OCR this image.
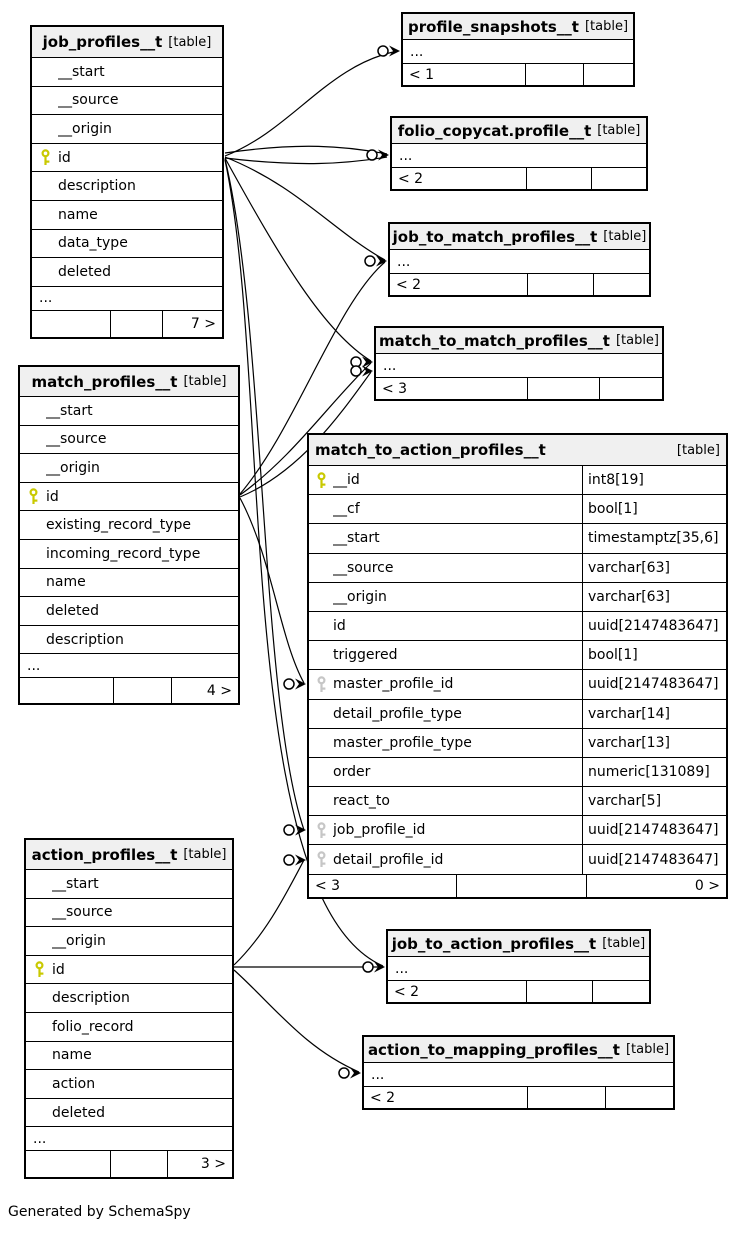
job_profiles__t [table]
__start
__source
__origin
id
description
name
data_type
deleted
...
7 >
profile_snapshots__t [table]
...
< 1
folio_copycat.profile__t [table]
...
< 2
job_to_match_profiles__t [table]
...
< 2
match_to_match_profiles__t [table]
...
< 3
match_to_action_profiles__t	[table]
__id	int8[19]
__cf	bool[1]
__start	timestamptz[35,6]
__source	varchar[63]
__origin	varchar[63]
id	uuid[2147483647]
triggered	bool[1]
master_profile_id	uuid[2147483647]
detail_profile_type	varchar[14]
master_profile_type	varchar[13]
order	numeric[131089]
react_to	varchar[5]
job_profile_id	uuid[2147483647]
detail_profile_id	uuid[2147483647]
< 3	0 >
match_profiles__t [table]
__start
__source
__origin
id
existing_record_type
incoming_record_type
name
deleted
description
...
4 >
action_profiles__t [table]
__start
__source
__origin
id
description
folio_record
name
action
deleted
...
3 >
job_to_action_profiles__t [table]
...
< 2
action_to_mapping_profiles__t [table]
...
< 2
Generated by SchemaSpy
